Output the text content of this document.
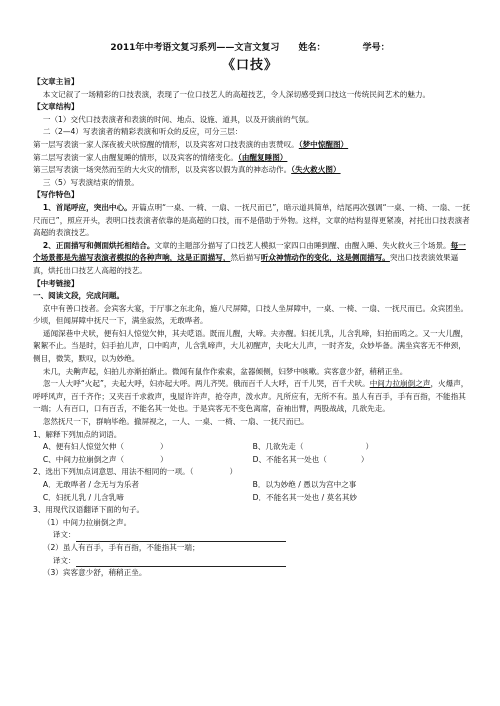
2011年中考语文复习系列——文言文复习 姓名：	学号：
《口技》

【文章主旨】

本文记叙了一场精彩的口技表演，表现了一位口技艺人的高超技艺，令人深切感受到口技这一传统民间艺术的魅力。

【文章结构】

一（1）交代口技表演者和表演的时间、地点、设施、道具，以及开演前的气氛。

二（2—4）写表演者的精彩表演和听众的反应，可分三层：

第一层写表演一家人深夜被犬吠惊醒的情形，以及宾客对口技表演的由衷赞叹。（梦中惊醒图）

第二层写表演一家人由醒复睡的情形，以及宾客的情绪变化。（由醒复睡图）

第三层写表演一场突然而至的大火灾的情形，以及宾客以假为真的神态动作。（失火救火图）

三（5）写表演结束的情景。

【写作特色】

1、首尾呼应，突出中心。开篇点明“一桌、一椅、一扇、一抚尺而已”，暗示道具简单，结尾再次强调“一桌、一椅、一扇、一抚尺而已”，照应开头，表明口技表演者依靠的是高超的口技，而不是借助于外物。这样，文章的结构显得更紧凑，衬托出口技表演者高超的表演技艺。

2、正面描写和侧面烘托相结合。文章的主题部分描写了口技艺人模拟一家四口由睡到醒、由醒入睡、失火救火三个场景。每一个场景都是先描写表演者模拟的各种声响，这是正面描写，然后描写听众神情动作的变化，这是侧面描写。突出口技表演效果逼真，烘托出口技艺人高超的技艺。

【中考链接】

一、阅读文段，完成问题。

京中有善口技者。会宾客大宴，于厅事之东北角，施八尺屏障，口技人坐屏障中，一桌、一椅、一扇、一抚尺而已。众宾团坐。少顷，但闻屏障中抚尺一下，满坐寂然，无敢哗者。

遥闻深巷中犬吠，便有妇人惊觉欠伸，其夫呓语。既而儿醒，大啼。夫亦醒。妇抚儿乳，儿含乳啼，妇拍而呜之。又一大儿醒，絮絮不止。当是时，妇手拍儿声，口中呜声，儿含乳啼声，大儿初醒声，夫叱大儿声，一时齐发，众妙毕备。满坐宾客无不伸颈，侧目，微笑，默叹，以为妙绝。

未几，夫齁声起，妇拍儿亦渐拍渐止。微闻有鼠作作索索，盆器倾侧，妇梦中咳嗽。宾客意少舒，稍稍正坐。

忽一人大呼“火起”，夫起大呼，妇亦起大呼。两儿齐哭。俄而百千人大呼，百千儿哭，百千犬吠。中间力拉崩倒之声，火爆声，呼呼风声，百千齐作；又夹百千求救声，曳屋许许声，抢夺声，泼水声。凡所应有，无所不有。虽人有百手，手有百指，不能指其一端；人有百口，口有百舌，不能名其一处也。于是宾客无不变色离席，奋袖出臂，两股战战，几欲先走。

忽然抚尺一下，群响毕绝。撤屏视之，一人、一桌、一椅、一扇、一抚尺而已。

1、解释下列加点的词语。

A、便有妇人惊觉欠伸（	）	B、几欲先走（	）
C、中间力拉崩倒之声（	）	D、不能名其一处也（	）

2、选出下列加点词意思、用法不相同的一项。（	）

A．无敢哗者 / 念无与为乐者	B．以为妙绝 / 愚以为宫中之事
C．妇抚儿乳 / 儿含乳啼	D．不能名其一处也 / 莫名其妙

3、用现代汉语翻译下面的句子。

（1）中间力拉崩倒之声。

译文：

（2）虽人有百手，手有百指，不能指其一端；

译文：

（3）宾客意少舒，稍稍正坐。
